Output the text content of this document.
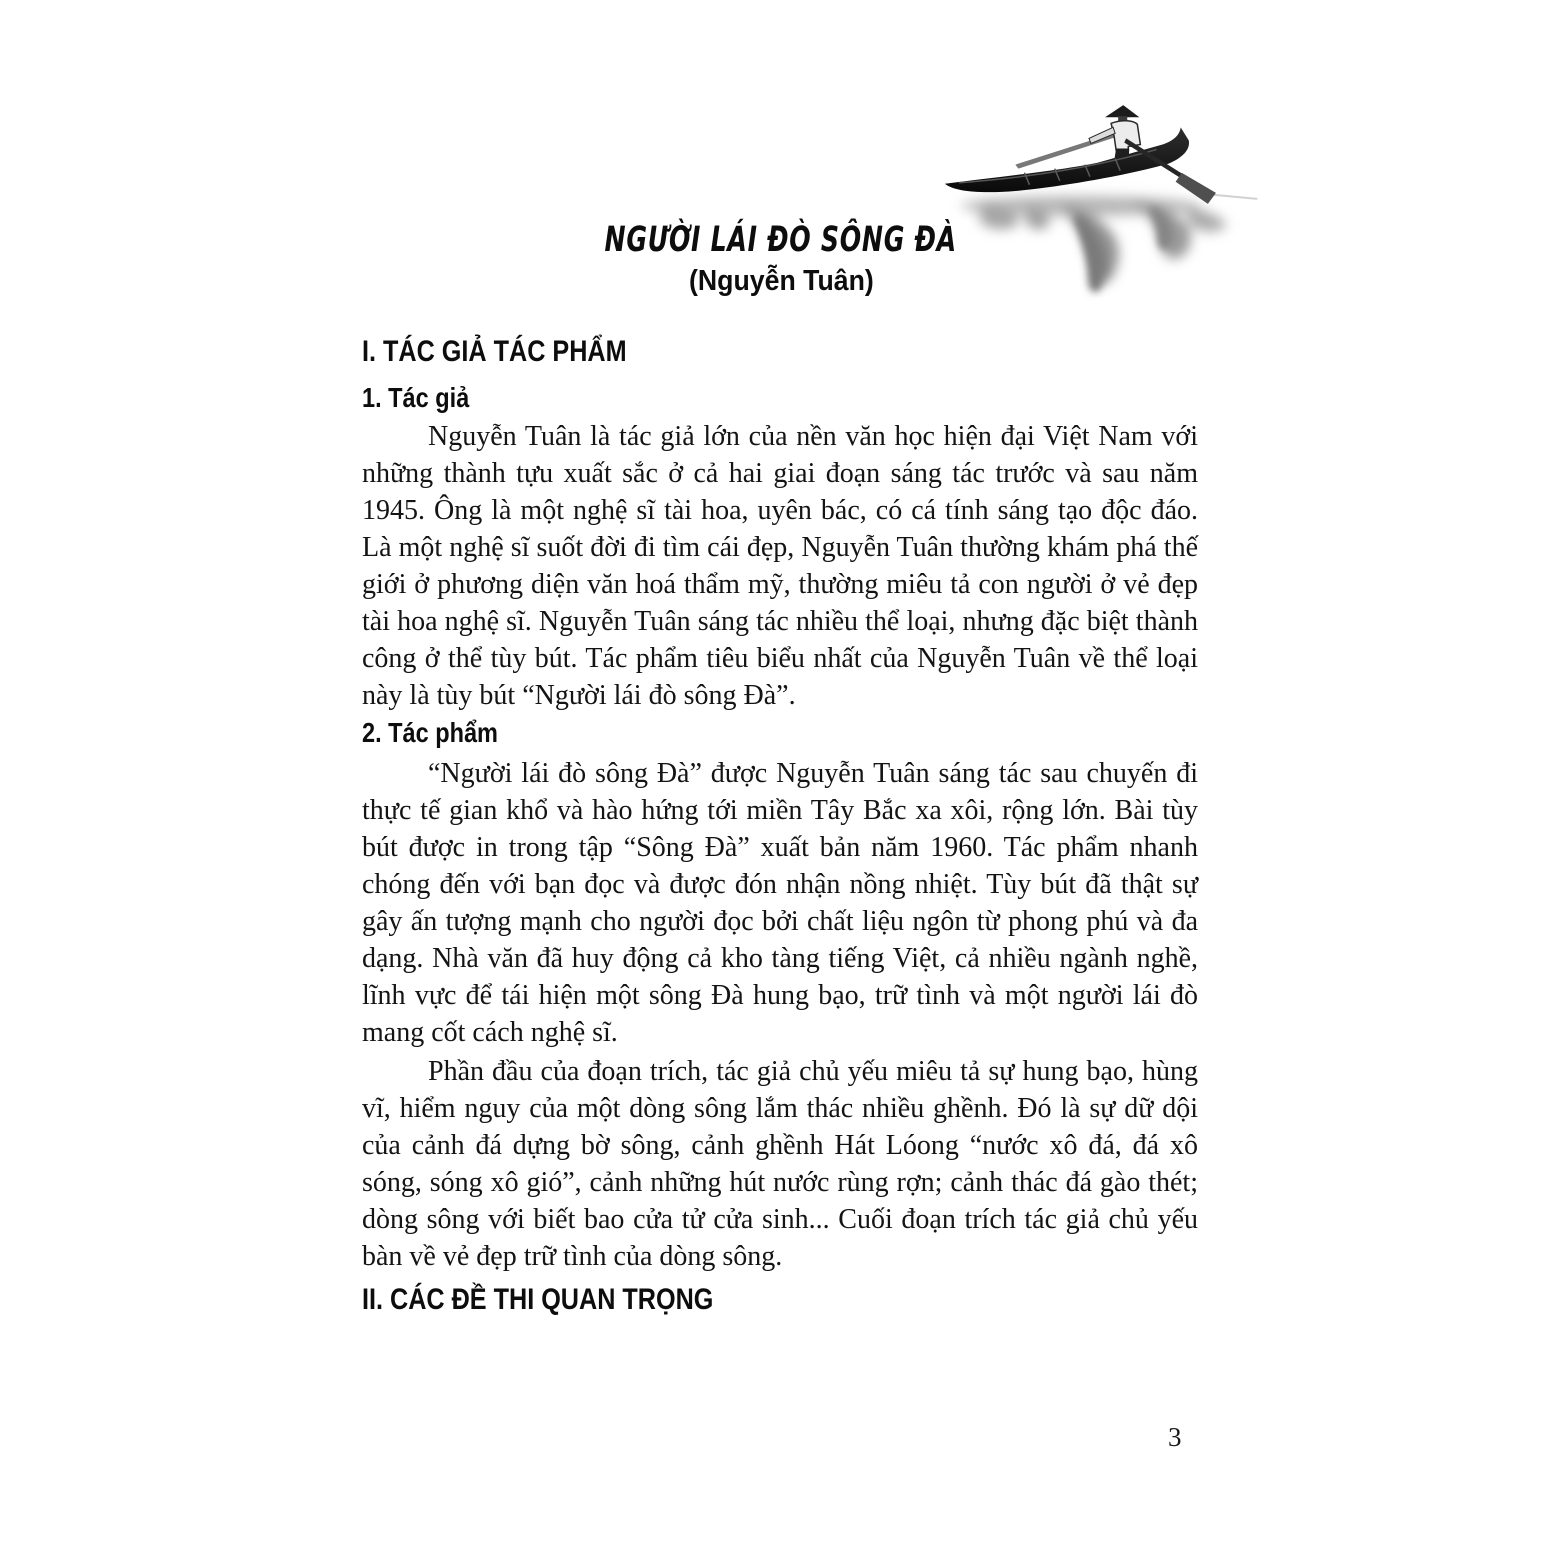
NGƯỜI LÁI ĐÒ SÔNG ĐÀ
(Nguyễn Tuân)
I. TÁC GIẢ TÁC PHẨM
1. Tác giả

Nguyễn Tuân là tác giả lớn của nền văn học hiện đại Việt Nam với những thành tựu xuất sắc ở cả hai giai đoạn sáng tác trước và sau năm 1945. Ông là một nghệ sĩ tài hoa, uyên bác, có cá tính sáng tạo độc đáo. Là một nghệ sĩ suốt đời đi tìm cái đẹp, Nguyễn Tuân thường khám phá thế giới ở phương diện văn hoá thẩm mỹ, thường miêu tả con người ở vẻ đẹp tài hoa nghệ sĩ. Nguyễn Tuân sáng tác nhiều thể loại, nhưng đặc biệt thành công ở thể tùy bút. Tác phẩm tiêu biểu nhất của Nguyễn Tuân về thể loại này là tùy bút “Người lái đò sông Đà”.

2. Tác phẩm

“Người lái đò sông Đà” được Nguyễn Tuân sáng tác sau chuyến đi thực tế gian khổ và hào hứng tới miền Tây Bắc xa xôi, rộng lớn. Bài tùy bút được in trong tập “Sông Đà” xuất bản năm 1960. Tác phẩm nhanh chóng đến với bạn đọc và được đón nhận nồng nhiệt. Tùy bút đã thật sự gây ấn tượng mạnh cho người đọc bởi chất liệu ngôn từ phong phú và đa dạng. Nhà văn đã huy động cả kho tàng tiếng Việt, cả nhiều ngành nghề, lĩnh vực để tái hiện một sông Đà hung bạo, trữ tình và một người lái đò mang cốt cách nghệ sĩ.

Phần đầu của đoạn trích, tác giả chủ yếu miêu tả sự hung bạo, hùng vĩ, hiểm nguy của một dòng sông lắm thác nhiều ghềnh. Đó là sự dữ dội của cảnh đá dựng bờ sông, cảnh ghềnh Hát Lóong “nước xô đá, đá xô sóng, sóng xô gió”, cảnh những hút nước rùng rợn; cảnh thác đá gào thét; dòng sông với biết bao cửa tử cửa sinh... Cuối đoạn trích tác giả chủ yếu bàn về vẻ đẹp trữ tình của dòng sông.

II. CÁC ĐỀ THI QUAN TRỌNG
3
